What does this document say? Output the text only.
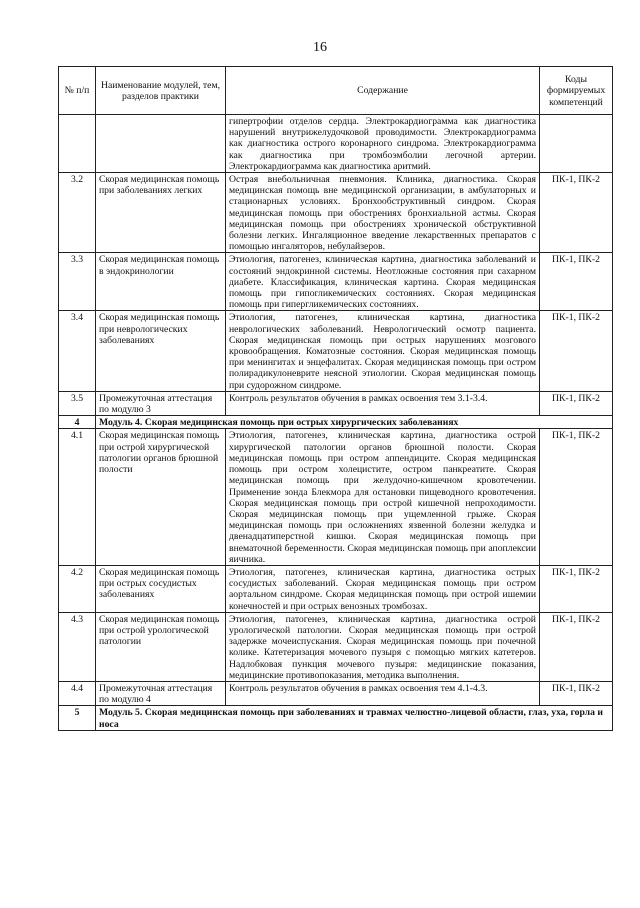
16
№ п/п	Наименование модулей, тем, разделов практики	Содержание	Коды формируемых компетенций
		гипертрофии отделов сердца. Электрокардиограмма как диагностика нарушений внутрижелудочковой проводимости. Электрокардиограмма как диагностика острого коронарного синдрома. Электрокардиограмма как диагностика при тромбоэмболии легочной артерии. Электрокардиограмма как диагностика аритмий.	
3.2	Скорая медицинская помощь при заболеваниях легких	Острая внебольничная пневмония. Клиника, диагностика. Скорая медицинская помощь вне медицинской организации, в амбулаторных и стационарных условиях. Бронхообструктивный синдром. Скорая медицинская помощь при обострениях бронхиальной астмы. Скорая медицинская помощь при обострениях хронической обструктивной болезни легких. Ингаляционное введение лекарственных препаратов с помощью ингаляторов, небулайзеров.	ПК-1, ПК-2
3.3	Скорая медицинская помощь в эндокринологии	Этиология, патогенез, клиническая картина, диагностика заболеваний и состояний эндокринной системы. Неотложные состояния при сахарном диабете. Классификация, клиническая картина. Скорая медицинская помощь при гипогликемических состояниях. Скорая медицинская помощь при гипергликемических состояниях.	ПК-1, ПК-2
3.4	Скорая медицинская помощь при неврологических заболеваниях	Этиология, патогенез, клиническая картина, диагностика неврологических заболеваний. Неврологический осмотр пациента. Скорая медицинская помощь при острых нарушениях мозгового кровообращения. Коматозные состояния. Скорая медицинская помощь при менингитах и энцефалитах. Скорая медицинская помощь при остром полирадикулоневрите неясной этиологии. Скорая медицинская помощь при судорожном синдроме.	ПК-1, ПК-2
3.5	Промежуточная аттестация по модулю 3	Контроль результатов обучения в рамках освоения тем 3.1-3.4.	ПК-1, ПК-2
4	Модуль 4. Скорая медицинская помощь при острых хирургических заболеваниях		
4.1	Скорая медицинская помощь при острой хирургической патологии органов брюшной полости	Этиология, патогенез, клиническая картина, диагностика острой хирургической патологии органов брюшной полости. Скорая медицинская помощь при остром аппендиците. Скорая медицинская помощь при остром холецистите, остром панкреатите. Скорая медицинская помощь при желудочно-кишечном кровотечении. Применение зонда Блекмора для остановки пищеводного кровотечения. Скорая медицинская помощь при острой кишечной непроходимости. Скорая медицинская помощь при ущемленной грыже. Скорая медицинская помощь при осложнениях язвенной болезни желудка и двенадцатиперстной кишки. Скорая медицинская помощь при внематочной беременности. Скорая медицинская помощь при апоплексии яичника.	ПК-1, ПК-2
4.2	Скорая медицинская помощь при острых сосудистых заболеваниях	Этиология, патогенез, клиническая картина, диагностика острых сосудистых заболеваний. Скорая медицинская помощь при остром аортальном синдроме. Скорая медицинская помощь при острой ишемии конечностей и при острых венозных тромбозах.	ПК-1, ПК-2
4.3	Скорая медицинская помощь при острой урологической патологии	Этиология, патогенез, клиническая картина, диагностика острой урологической патологии. Скорая медицинская помощь при острой задержке мочеиспускания. Скорая медицинская помощь при почечной колике. Катетеризация мочевого пузыря с помощью мягких катетеров. Надлобковая пункция мочевого пузыря: медицинские показания, медицинские противопоказания, методика выполнения.	ПК-1, ПК-2
4.4	Промежуточная аттестация по модулю 4	Контроль результатов обучения в рамках освоения тем 4.1-4.3.	ПК-1, ПК-2
5	Модуль 5. Скорая медицинская помощь при заболеваниях и травмах челюстно-лицевой области, глаз, уха, горла и носа		
